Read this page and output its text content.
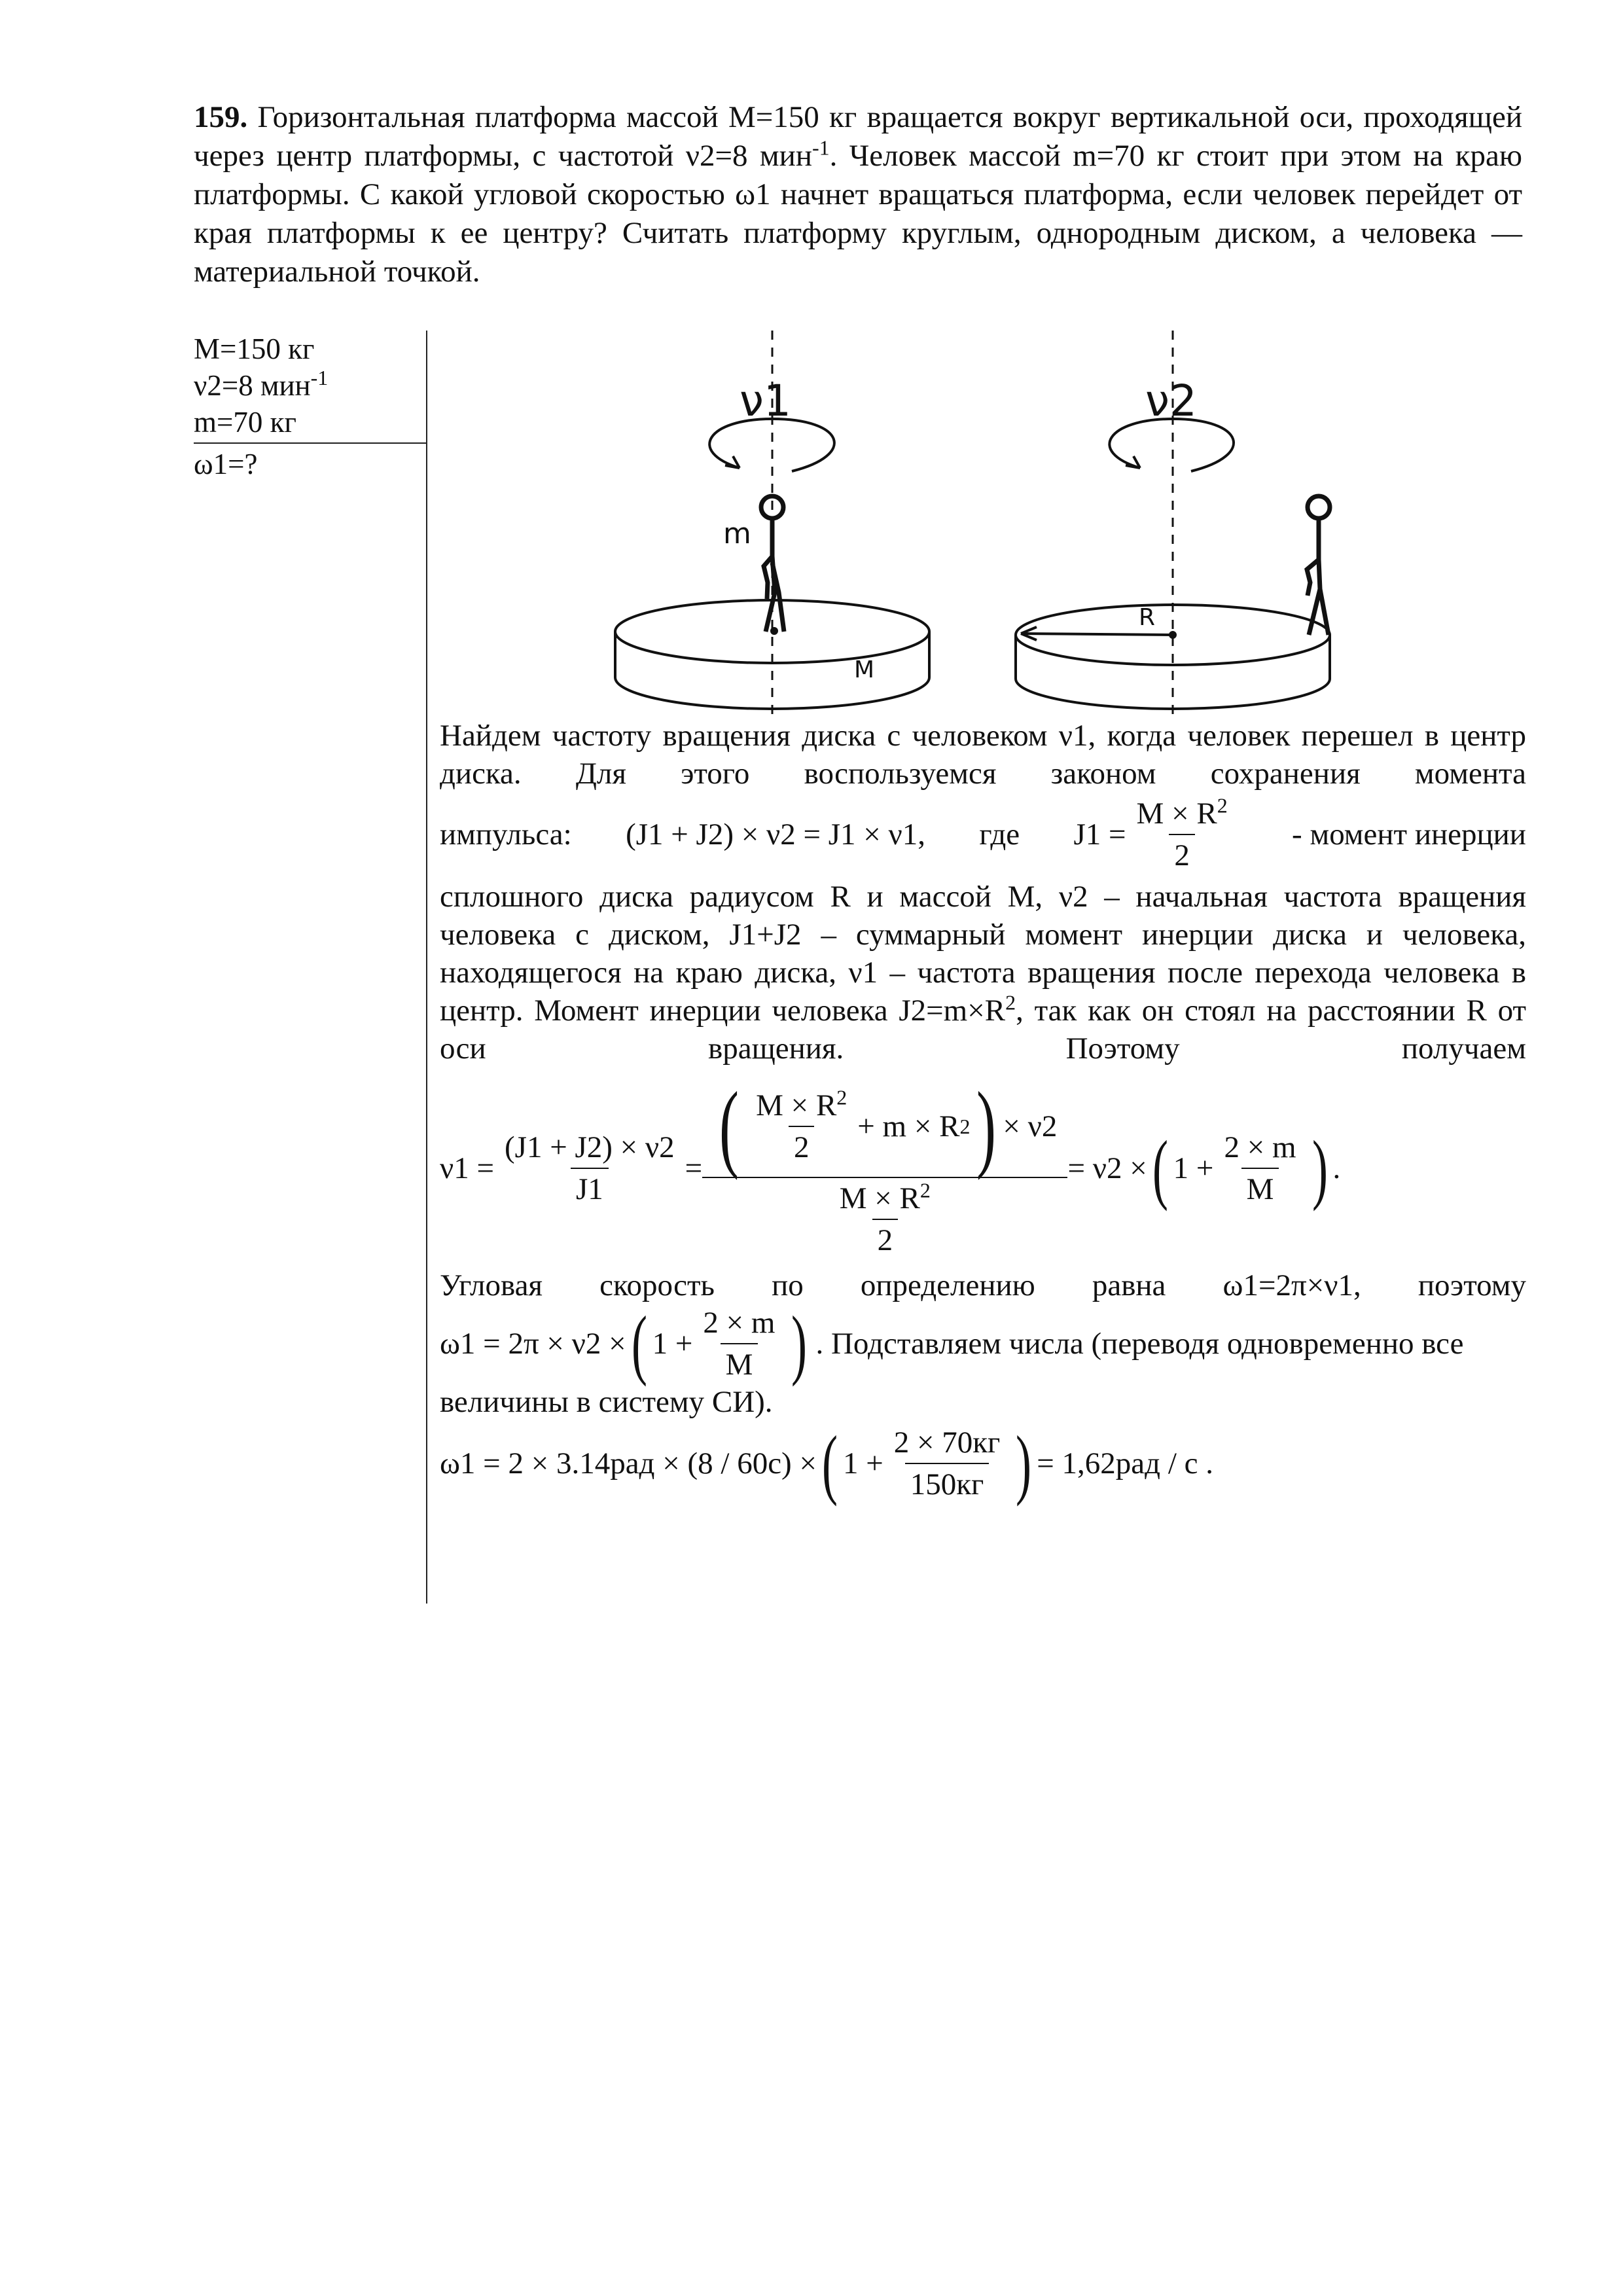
159. Горизонтальная платформа массой M=150 кг вращается вокруг вертикальной оси, проходящей через центр платформы, с частотой ν2=8 мин$^{-1}$. Человек массой m=70 кг стоит при этом на краю платформы. С какой угловой скоростью ω1 начнет вращаться платформа, если человек перейдет от края платформы к ее центру? Считать платформу круглым, однородным диском, а человека — материальной точкой.
M=150 кг
ν2=8 мин$^{-1}$
m=70 кг
ω1=?
ν1	ν2
m
M
R
Найдем частоту вращения диска с человеком ν1, когда человек перешел в центр диска. Для этого воспользуемся законом сохранения момента
импульса: (J1 + J2) × ν2 = J1 × ν1, где $J1 = \frac{M \times R^2}{2}$ - момент инерции
сплошного диска радиусом R и массой M, ν2 – начальная частота вращения человека с диском, J1+J2 – суммарный момент инерции диска и человека, находящегося на краю диска, ν1 – частота вращения после перехода человека в центр. Момент инерции человека $J2=m\times R^2$, так как он стоял на расстоянии R от оси вращения. Поэтому получаем
$\nu 1 = \frac{(J1 + J2) \times \nu 2}{J1}$ = ( $\frac{M \times R^2}{2} + m \times R$ 2 ) × ν2
$\frac{M \times R^2}{2}$
= ν2 × ( $1 + \frac{2 \times m}{M}$ ) .
Угловая скорость по определению равна ω1=2π×ν1, поэтому
ω1 = 2π × ν2 × ( $1 + \frac{2 \times m}{M}$ ) . Подставляем числа (переводя одновременно все
величины в систему СИ).
ω1 = 2 × 3.14рад × (8 / 60с) × ( $1 + \frac{2 \times 70кг}{150кг}$ ) = 1,62рад / с .
